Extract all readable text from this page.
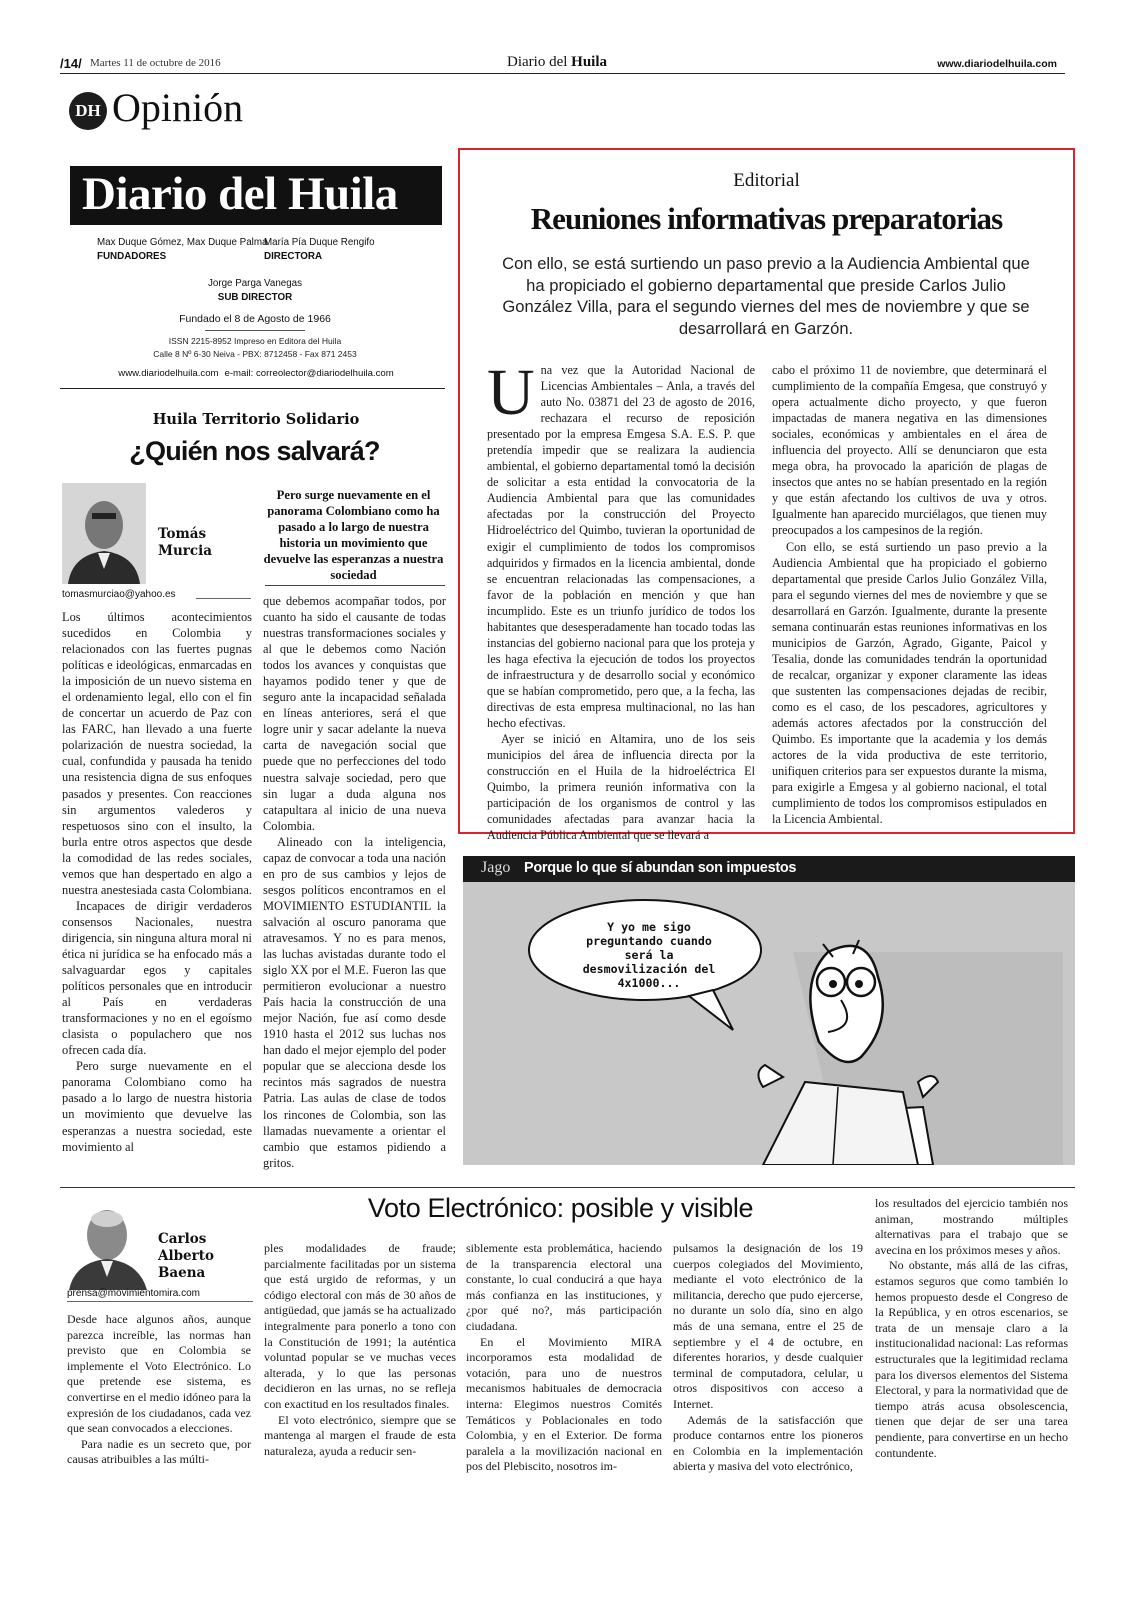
/14/ Martes 11 de octubre de 2016	Diario del Huila	www.diariodelhuila.com
DH Opinión
Diario del Huila
Max Duque Gómez, Max Duque Palma
FUNDADORES
María Pía Duque Rengifo
DIRECTORA
Jorge Parga Vanegas
SUB DIRECTOR
Fundado el 8 de Agosto de 1966
ISSN 2215-8952 Impreso en Editora del Huila
Calle 8 Nº 6-30 Neiva - PBX: 8712458 - Fax 871 2453
www.diariodelhuila.com e-mail: correolector@diariodelhuila.com
Huila Territorio Solidario
¿Quién nos salvará?
Tomás
Murcia
tomasmurciao@yahoo.es

Los últimos acontecimientos sucedidos en Colombia y relacionados con las fuertes pugnas políticas e ideológicas, enmarcadas en la imposición de un nuevo sistema en el ordenamiento legal, ello con el fin de concertar un acuerdo de Paz con las FARC, han llevado a una fuerte polarización de nuestra sociedad, la cual, confundida y pausada ha tenido una resistencia digna de sus enfoques pasados y presentes. Con reacciones sin argumentos valederos y respetuosos sino con el insulto, la burla entre otros aspectos que desde la comodidad de las redes sociales, vemos que han despertado en algo a nuestra anestesiada casta Colombiana.

Incapaces de dirigir verdaderos consensos Nacionales, nuestra dirigencia, sin ninguna altura moral ni ética ni jurídica se ha enfocado más a salvaguardar egos y capitales políticos personales que en introducir al País en verdaderas transformaciones y no en el egoísmo clasista o populachero que nos ofrecen cada día.

Pero surge nuevamente en el panorama Colombiano como ha pasado a lo largo de nuestra historia un movimiento que devuelve las esperanzas a nuestra sociedad, este movimiento al

Pero surge nuevamente en el panorama Colombiano como ha pasado a lo largo de nuestra historia un movimiento que devuelve las esperanzas a nuestra sociedad

que debemos acompañar todos, por cuanto ha sido el causante de todas nuestras transformaciones sociales y al que le debemos como Nación todos los avances y conquistas que hayamos podido tener y que de seguro ante la incapacidad señalada en líneas anteriores, será el que logre unir y sacar adelante la nueva carta de navegación social que puede que no perfecciones del todo nuestra salvaje sociedad, pero que sin lugar a duda alguna nos catapultara al inicio de una nueva Colombia.

Alineado con la inteligencia, capaz de convocar a toda una nación en pro de sus cambios y lejos de sesgos políticos encontramos en el MOVIMIENTO ESTUDIANTIL la salvación al oscuro panorama que atravesamos. Y no es para menos, las luchas avistadas durante todo el siglo XX por el M.E. Fueron las que permitieron evolucionar a nuestro País hacia la construcción de una mejor Nación, fue así como desde 1910 hasta el 2012 sus luchas nos han dado el mejor ejemplo del poder popular que se alecciona desde los recintos más sagrados de nuestra Patria. Las aulas de clase de todos los rincones de Colombia, son las llamadas nuevamente a orientar el cambio que estamos pidiendo a gritos.

Editorial
Reuniones informativas preparatorias
Con ello, se está surtiendo un paso previo a la Audiencia Ambiental que ha propiciado el gobierno departamental que preside Carlos Julio González Villa, para el segundo viernes del mes de noviembre y que se desarrollará en Garzón.

Una vez que la Autoridad Nacional de Licencias Ambientales – Anla, a través del auto No. 03871 del 23 de agosto de 2016, rechazara el recurso de reposición presentado por la empresa Emgesa S.A. E.S. P. que pretendía impedir que se realizara la audiencia ambiental, el gobierno departamental tomó la decisión de solicitar a esta entidad la convocatoria de la Audiencia Ambiental para que las comunidades afectadas por la construcción del Proyecto Hidroeléctrico del Quimbo, tuvieran la oportunidad de exigir el cumplimiento de todos los compromisos adquiridos y firmados en la licencia ambiental, donde se encuentran relacionadas las compensaciones, a favor de la población en mención y que han incumplido. Este es un triunfo jurídico de todos los habitantes que desesperadamente han tocado todas las instancias del gobierno nacional para que los proteja y les haga efectiva la ejecución de todos los proyectos de infraestructura y de desarrollo social y económico que se habían comprometido, pero que, a la fecha, las directivas de esta empresa multinacional, no las han hecho efectivas.

Ayer se inició en Altamira, uno de los seis municipios del área de influencia directa por la construcción en el Huila de la hidroeléctrica El Quimbo, la primera reunión informativa con la participación de los organismos de control y las comunidades afectadas para avanzar hacia la Audiencia Pública Ambiental que se llevará a

cabo el próximo 11 de noviembre, que determinará el cumplimiento de la compañía Emgesa, que construyó y opera actualmente dicho proyecto, y que fueron impactadas de manera negativa en las dimensiones sociales, económicas y ambientales en el área de influencia del proyecto. Allí se denunciaron que esta mega obra, ha provocado la aparición de plagas de insectos que antes no se habían presentado en la región y que están afectando los cultivos de uva y otros. Igualmente han aparecido murciélagos, que tienen muy preocupados a los campesinos de la región.

Con ello, se está surtiendo un paso previo a la Audiencia Ambiental que ha propiciado el gobierno departamental que preside Carlos Julio González Villa, para el segundo viernes del mes de noviembre y que se desarrollará en Garzón. Igualmente, durante la presente semana continuarán estas reuniones informativas en los municipios de Garzón, Agrado, Gigante, Paicol y Tesalia, donde las comunidades tendrán la oportunidad de recalcar, organizar y exponer claramente las ideas que sustenten las compensaciones dejadas de recibir, como es el caso, de los pescadores, agricultores y además actores afectados por la construcción del Quimbo. Es importante que la academia y los demás actores de la vida productiva de este territorio, unifiquen criterios para ser expuestos durante la misma, para exigirle a Emgesa y al gobierno nacional, el total cumplimiento de todos los compromisos estipulados en la Licencia Ambiental.

Jago Porque lo que sí abundan son impuestos
Y yo me sigo preguntando cuando será la desmovilización del 4x1000...
Voto Electrónico: posible y visible
Carlos
Alberto
Baena
prensa@movimientomira.com

Desde hace algunos años, aunque parezca increíble, las normas han previsto que en Colombia se implemente el Voto Electrónico. Lo que pretende ese sistema, es convertirse en el medio idóneo para la expresión de los ciudadanos, cada vez que sean convocados a elecciones.

Para nadie es un secreto que, por causas atribuibles a las múlti-

ples modalidades de fraude; parcialmente facilitadas por un sistema que está urgido de reformas, y un código electoral con más de 30 años de antigüedad, que jamás se ha actualizado integralmente para ponerlo a tono con la Constitución de 1991; la auténtica voluntad popular se ve muchas veces alterada, y lo que las personas decidieron en las urnas, no se refleja con exactitud en los resultados finales.

El voto electrónico, siempre que se mantenga al margen el fraude de esta naturaleza, ayuda a reducir sen-

siblemente esta problemática, haciendo de la transparencia electoral una constante, lo cual conducirá a que haya más confianza en las instituciones, y ¿por qué no?, más participación ciudadana.

En el Movimiento MIRA incorporamos esta modalidad de votación, para uno de nuestros mecanismos habituales de democracia interna: Elegimos nuestros Comités Temáticos y Poblacionales en todo Colombia, y en el Exterior. De forma paralela a la movilización nacional en pos del Plebiscito, nosotros im-

pulsamos la designación de los 19 cuerpos colegiados del Movimiento, mediante el voto electrónico de la militancia, derecho que pudo ejercerse, no durante un solo día, sino en algo más de una semana, entre el 25 de septiembre y el 4 de octubre, en diferentes horarios, y desde cualquier terminal de computadora, celular, u otros dispositivos con acceso a Internet.

Además de la satisfacción que produce contarnos entre los pioneros en Colombia en la implementación abierta y masiva del voto electrónico,

los resultados del ejercicio también nos animan, mostrando múltiples alternativas para el trabajo que se avecina en los próximos meses y años.

No obstante, más allá de las cifras, estamos seguros que como también lo hemos propuesto desde el Congreso de la República, y en otros escenarios, se trata de un mensaje claro a la institucionalidad nacional: Las reformas estructurales que la legitimidad reclama para los diversos elementos del Sistema Electoral, y para la normatividad que de tiempo atrás acusa obsolescencia, tienen que dejar de ser una tarea pendiente, para convertirse en un hecho contundente.
